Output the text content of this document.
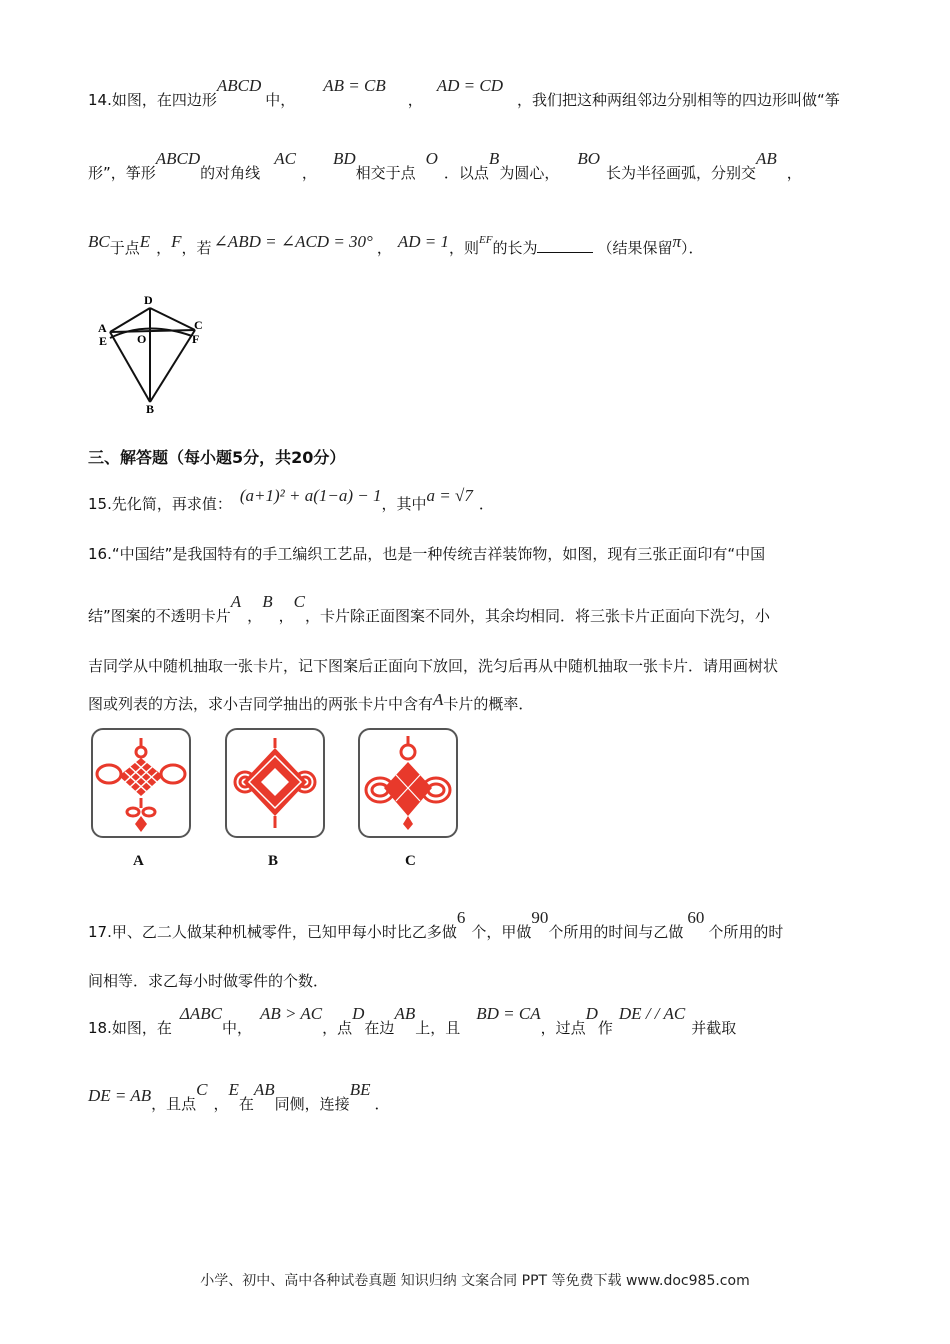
14.如图，在四边形ABCD中，AB = CB，AD = CD，我们把这种两组邻边分别相等的四边形叫做“筝
形”，筝形ABCD的对角线AC，BD相交于点O．以点B为圆心，BO长为半径画弧，分别交AB，
BC于点E ，F，若 ∠ABD = ∠ACD = 30° ， AD = 1，则$^{EF}$的长为	（结果保留π）．
D
A
E O
C
F
B
三、解答题（每小题5分，共20分）
15.先化简，再求值： (a+1)² + a(1−a) − 1，其中a = √7 ．
16.“中国结”是我国特有的手工编织工艺品，也是一种传统吉祥装饰物，如图，现有三张正面印有“中国
结”图案的不透明卡片A，B，C，卡片除正面图案不同外，其余均相同．将三张卡片正面向下洗匀，小
吉同学从中随机抽取一张卡片，记下图案后正面向下放回，洗匀后再从中随机抽取一张卡片．请用画树状
图或列表的方法，求小吉同学抽出的两张卡片中含有A卡片的概率．
A	B	C
17.甲、乙二人做某种机械零件，已知甲每小时比乙多做6个，甲做90个所用的时间与乙做60个所用的时
间相等．求乙每小时做零件的个数．
18.如图，在ΔABC中，AB > AC，点D在边AB上，且BD = CA，过点D作DE / / AC并截取
DE = AB，且点C，E在AB同侧，连接BE．
小学、初中、高中各种试卷真题 知识归纳 文案合同 PPT 等免费下载 www.doc985.com
